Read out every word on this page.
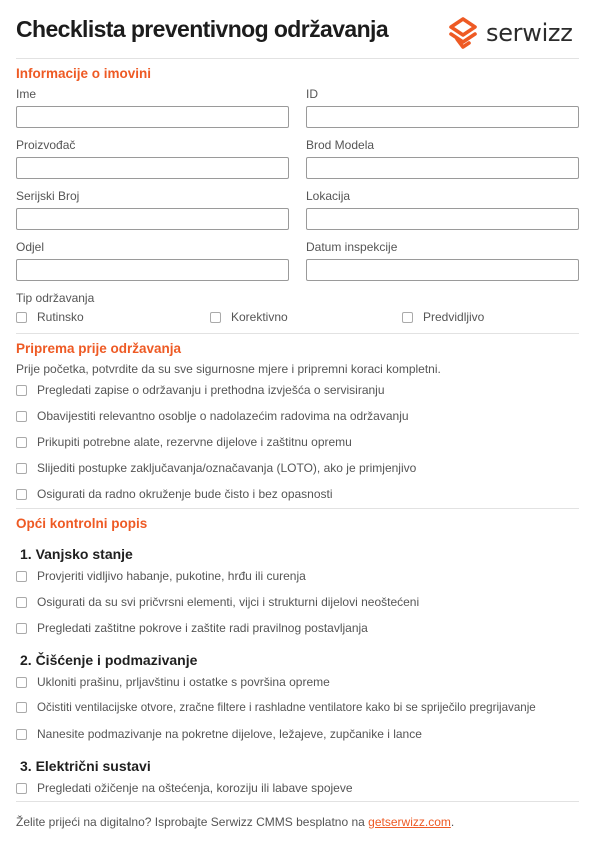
Checklista preventivnog održavanja	serwizz
Informacije o imovini
Ime	ID
Proizvođač	Brod Modela
Serijski Broj	Lokacija
Odjel	Datum inspekcije
Tip održavanja
Rutinsko	Korektivno	Predvidljivo
Priprema prije održavanja
Prije početka, potvrdite da su sve sigurnosne mjere i pripremni koraci kompletni.
Pregledati zapise o održavanju i prethodna izvješća o servisiranju
Obavijestiti relevantno osoblje o nadolazećim radovima na održavanju
Prikupiti potrebne alate, rezervne dijelove i zaštitnu opremu
Slijediti postupke zaključavanja/označavanja (LOTO), ako je primjenjivo
Osigurati da radno okruženje bude čisto i bez opasnosti
Opći kontrolni popis
1. Vanjsko stanje
Provjeriti vidljivo habanje, pukotine, hrđu ili curenja
Osigurati da su svi pričvrsni elementi, vijci i strukturni dijelovi neoštećeni
Pregledati zaštitne pokrove i zaštite radi pravilnog postavljanja
2. Čišćenje i podmazivanje
Ukloniti prašinu, prljavštinu i ostatke s površina opreme
Očistiti ventilacijske otvore, zračne filtere i rashladne ventilatore kako bi se spriječilo pregrijavanje
Nanesite podmazivanje na pokretne dijelove, ležajeve, zupčanike i lance
3. Električni sustavi
Pregledati ožičenje na oštećenja, koroziju ili labave spojeve
Želite prijeći na digitalno? Isprobajte Serwizz CMMS besplatno na getserwizz.com.
